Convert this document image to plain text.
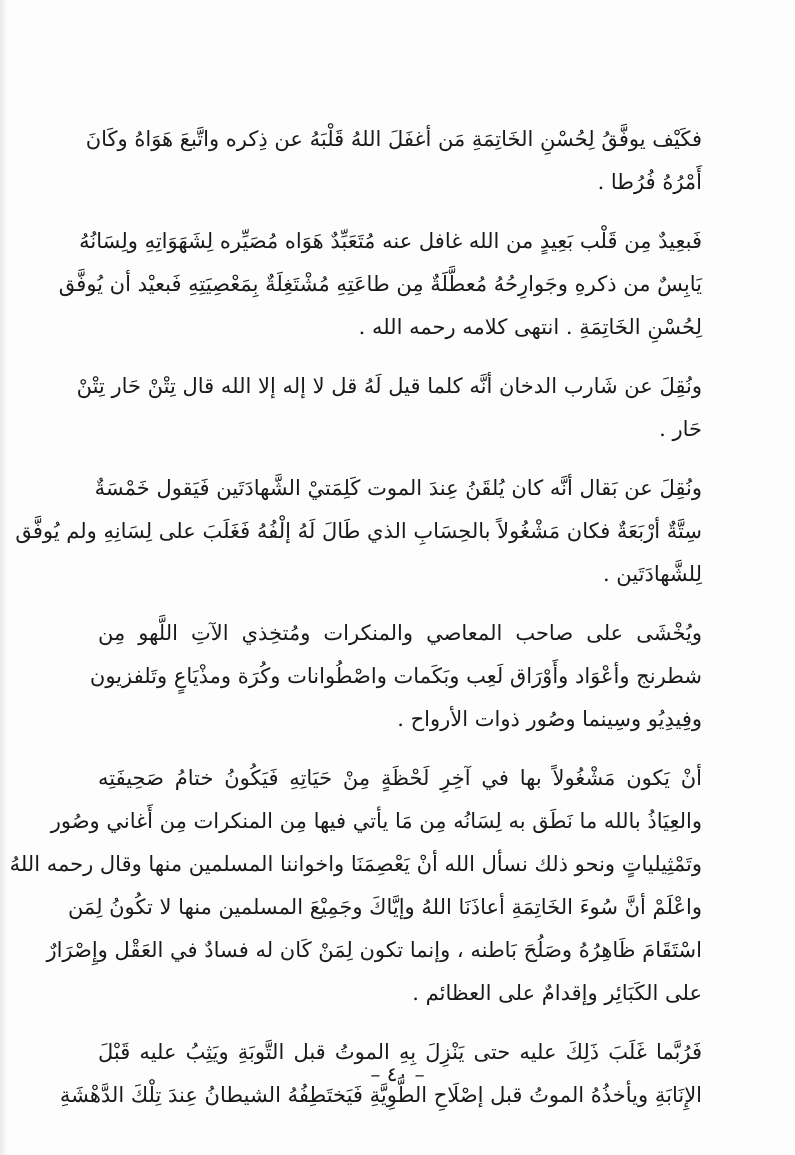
فكَيْف يوفَّقُ لِحُسْنِ الخَاتِمَةِ مَن أغفَلَ اللهُ قَلْبَهُ عن ذِكره واتَّبعَ هَوَاهُ وكَانَ
أَمْرُهُ فُرُطا .

فَبعِيدٌ مِن قَلْب بَعِيدٍ من الله غافل عنه مُتَعَبِّدٌ هَوَاه مُصَيِّره لِشَهَوَاتِهِ ولِسَانُهُ
يَابِسٌ من ذكرهِ وجَوارِحُهُ مُعطَّلَةٌ مِن طاعَتِهِ مُشْتَغِلَةٌ بِمَعْصِيَتِهِ فَبعيْد أن يُوفَّق
لِحُسْنِ الخَاتِمَةِ . انتهى كلامه رحمه الله .

ونُقِلَ عن شَارب الدخان أنَّه كلما قيل لَهُ قل لا إله إلا الله قال تِتْنْ حَار تِتْنْ
حَار .

ونُقِلَ عن بَقال أنَّه كان يُلقَنُ عِندَ الموت كَلِمَتيْ الشَّهادَتَين فَيَقول خَمْسَةٌ
سِتَّةٌ أرْبَعَةٌ فكان مَشْغُولاً بالحِسَابِ الذي طَالَ لَهُ إلْفُهُ فَغَلَبَ على لِسَانِهِ ولم يُوفَّق
لِلشَّهادَتَين .

ويُخْشَى على صاحب المعاصي والمنكرات ومُتخِذي الآتِ اللَّهو مِن
شطرنج وأعْوَاد وأَوْرَاق لَعِب وبَكَمات واصْطُوانات وكُرَة ومذْيَاعٍ وتَلفزيون
وفِيدِيُو وسِينما وصُور ذوات الأرواح .

أنْ يَكون مَشْغُولاً بها في آخِرِ لَحْظَةٍ مِنْ حَيَاتِهِ فَيَكُونُ ختامُ صَحِيفَتِه
والعِيَاذُ بالله ما نَطَق به لِسَانُه مِن مَا يأتي فيها مِن المنكرات مِن أَغاني وصُور
وتَمْثِيلياتٍ ونحو ذلك نسأل الله أنْ يَعْصِمَنَا واخواننا المسلمين منها وقال رحمه اللهُ
واعْلَمْ أنَّ سُوءَ الخَاتِمَةِ أعاذَنَا اللهُ وإيَّاكَ وجَمِيْعَ المسلمين منها لا تكُونُ لِمَن
اسْتَقَامَ ظَاهِرُهُ وصَلُحَ بَاطنه ، وإنما تكون لِمَنْ كَان له فسادٌ في العَقْل وإِصْرَارٌ
على الكَبَائِر وإقدامٌ على العظائم .

فَرُبَّما غَلَبَ ذَلِكَ عليه حتى يَنْزِلَ بِهِ الموتُ قبل التَّوبَةِ ويَثِبُ عليه قَبْلَ
الإِنَابَةِ ويأخذُهُ الموتُ قبل إصْلَاحِ الطَّوِيَّةِ فَيَختَطِفُهُ الشيطانُ عِندَ تِلْكَ الدَّهْشَةِ

– ٤٠ –
